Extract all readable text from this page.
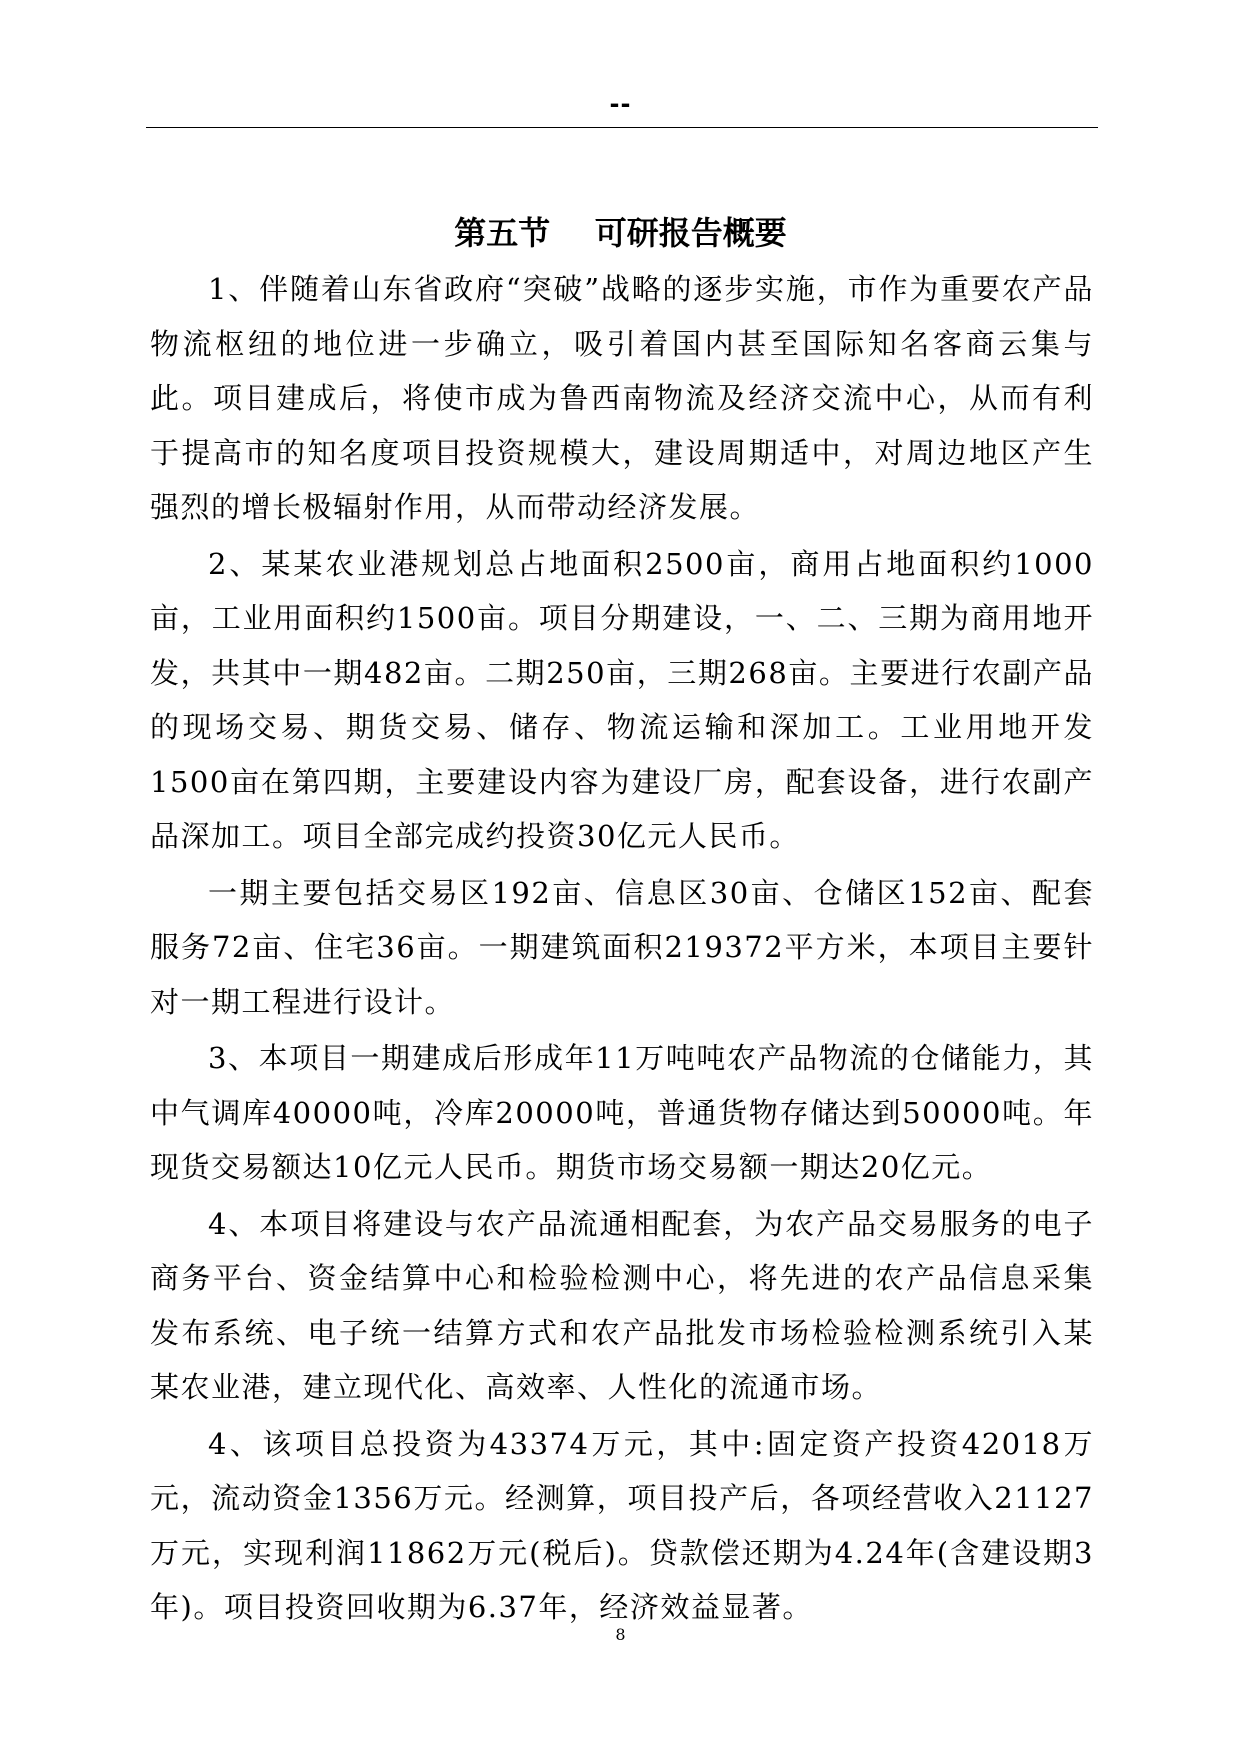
--
第五节    可研报告概要

1、伴随着山东省政府“突破”战略的逐步实施，市作为重要农产品物流枢纽的地位进一步确立，吸引着国内甚至国际知名客商云集与此。项目建成后，将使市成为鲁西南物流及经济交流中心，从而有利于提高市的知名度项目投资规模大，建设周期适中，对周边地区产生强烈的增长极辐射作用，从而带动经济发展。

2、某某农业港规划总占地面积2500亩，商用占地面积约1000亩，工业用面积约1500亩。项目分期建设，一、二、三期为商用地开发，共其中一期482亩。二期250亩，三期268亩。主要进行农副产品的现场交易、期货交易、储存、物流运输和深加工。工业用地开发1500亩在第四期，主要建设内容为建设厂房，配套设备，进行农副产品深加工。项目全部完成约投资30亿元人民币。

一期主要包括交易区192亩、信息区30亩、仓储区152亩、配套服务72亩、住宅36亩。一期建筑面积219372平方米，本项目主要针对一期工程进行设计。

3、本项目一期建成后形成年11万吨吨农产品物流的仓储能力，其中气调库40000吨，冷库20000吨，普通货物存储达到50000吨。年现货交易额达10亿元人民币。期货市场交易额一期达20亿元。

4、本项目将建设与农产品流通相配套，为农产品交易服务的电子商务平台、资金结算中心和检验检测中心，将先进的农产品信息采集发布系统、电子统一结算方式和农产品批发市场检验检测系统引入某某农业港，建立现代化、高效率、人性化的流通市场。

4、该项目总投资为43374万元，其中:固定资产投资42018万元，流动资金1356万元。经测算，项目投产后，各项经营收入21127万元，实现利润11862万元(税后)。贷款偿还期为4.24年(含建设期3年)。项目投资回收期为6.37年，经济效益显著。

8
